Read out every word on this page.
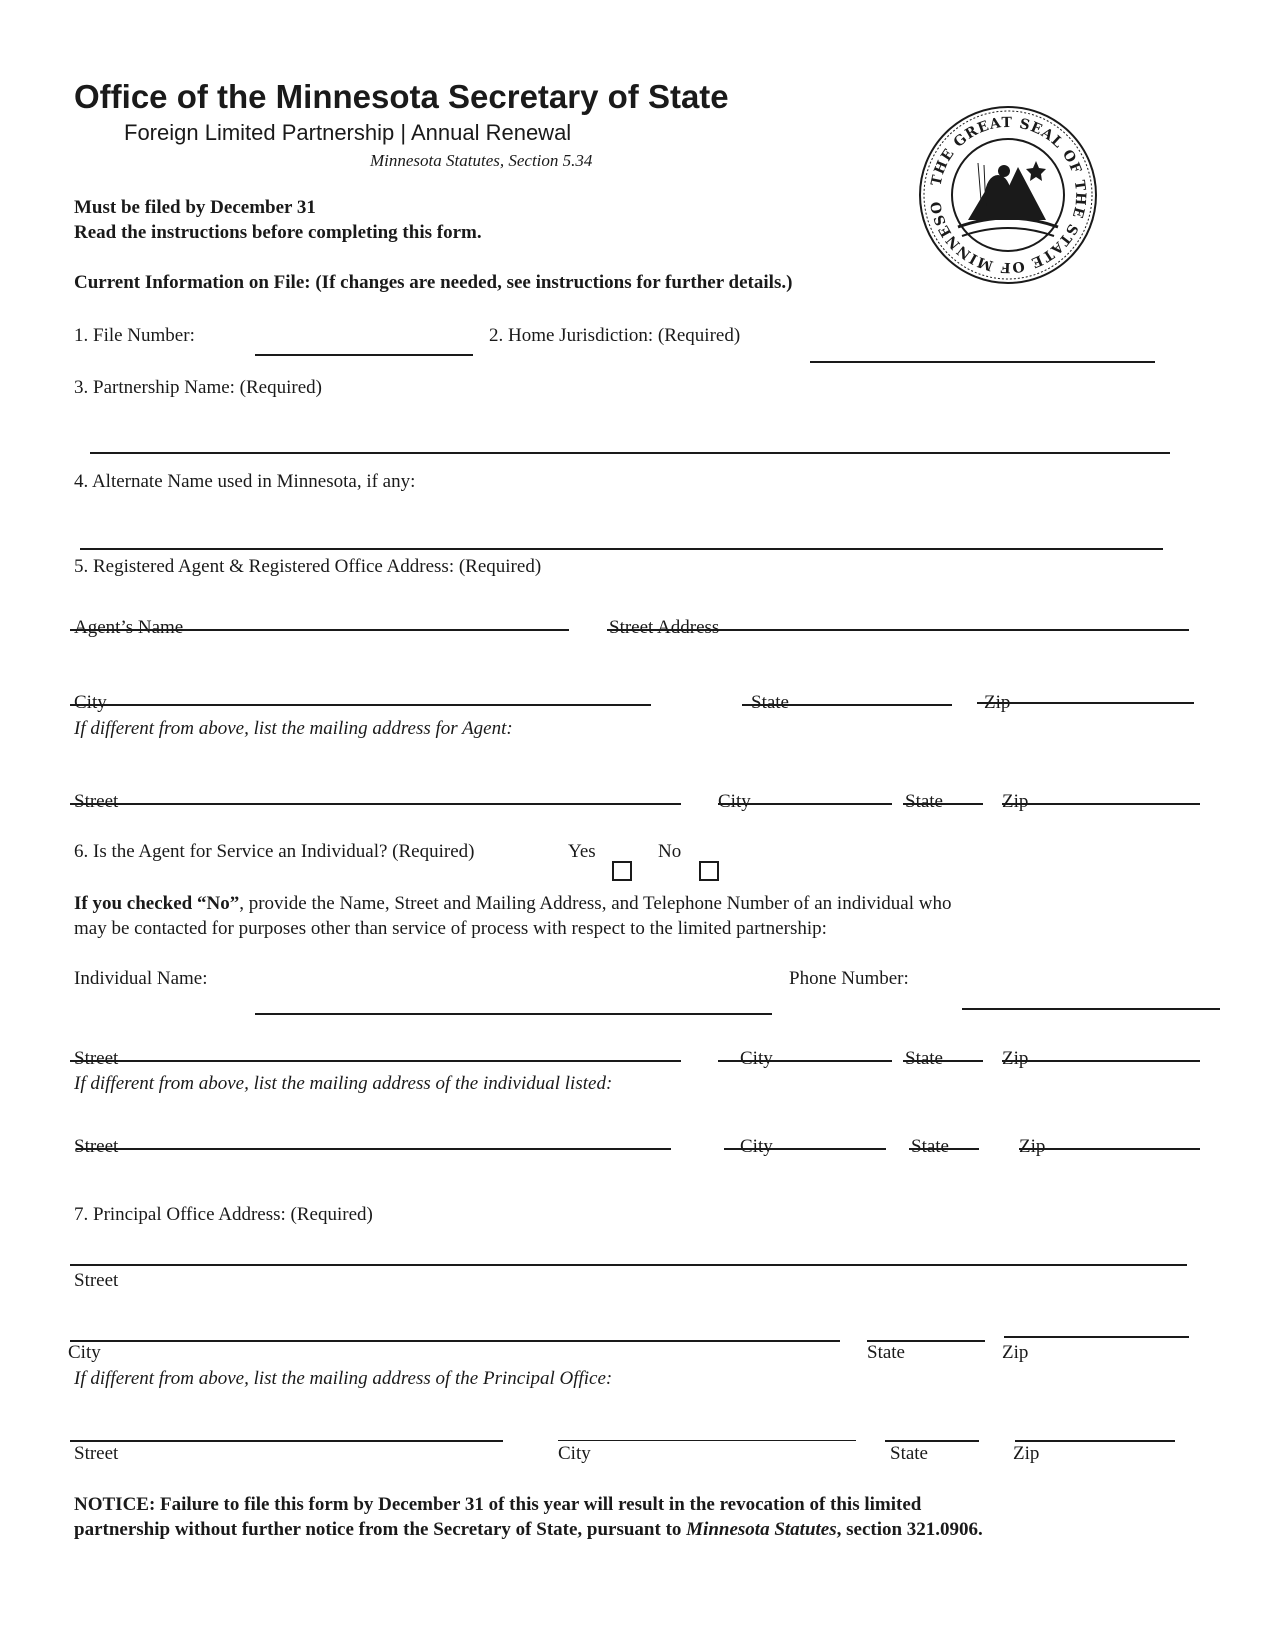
Office of the Minnesota Secretary of State
Foreign Limited Partnership | Annual Renewal
Minnesota Statutes, Section 5.34
THE GREAT SEAL OF THE STATE OF MINNESO
Must be filed by December 31
Read the instructions before completing this form.
Current Information on File: (If changes are needed, see instructions for further details.)
1. File Number:	2. Home Jurisdiction: (Required)
3. Partnership Name: (Required)
4. Alternate Name used in Minnesota, if any:
5. Registered Agent & Registered Office Address: (Required)
Agent’s Name	Street Address
City	State	Zip
If different from above, list the mailing address for Agent:
Street	City	State	Zip
6. Is the Agent for Service an Individual? (Required)	Yes	No
If you checked “No”, provide the Name, Street and Mailing Address, and Telephone Number of an individual who
may be contacted for purposes other than service of process with respect to the limited partnership:
Individual Name:	Phone Number:
Street	City	State	Zip
If different from above, list the mailing address of the individual listed:
Street	City	State	Zip
7. Principal Office Address: (Required)
Street
City	State	Zip
If different from above, list the mailing address of the Principal Office:
Street	City	State	Zip
NOTICE: Failure to file this form by December 31 of this year will result in the revocation of this limited
partnership without further notice from the Secretary of State, pursuant to Minnesota Statutes, section 321.0906.
